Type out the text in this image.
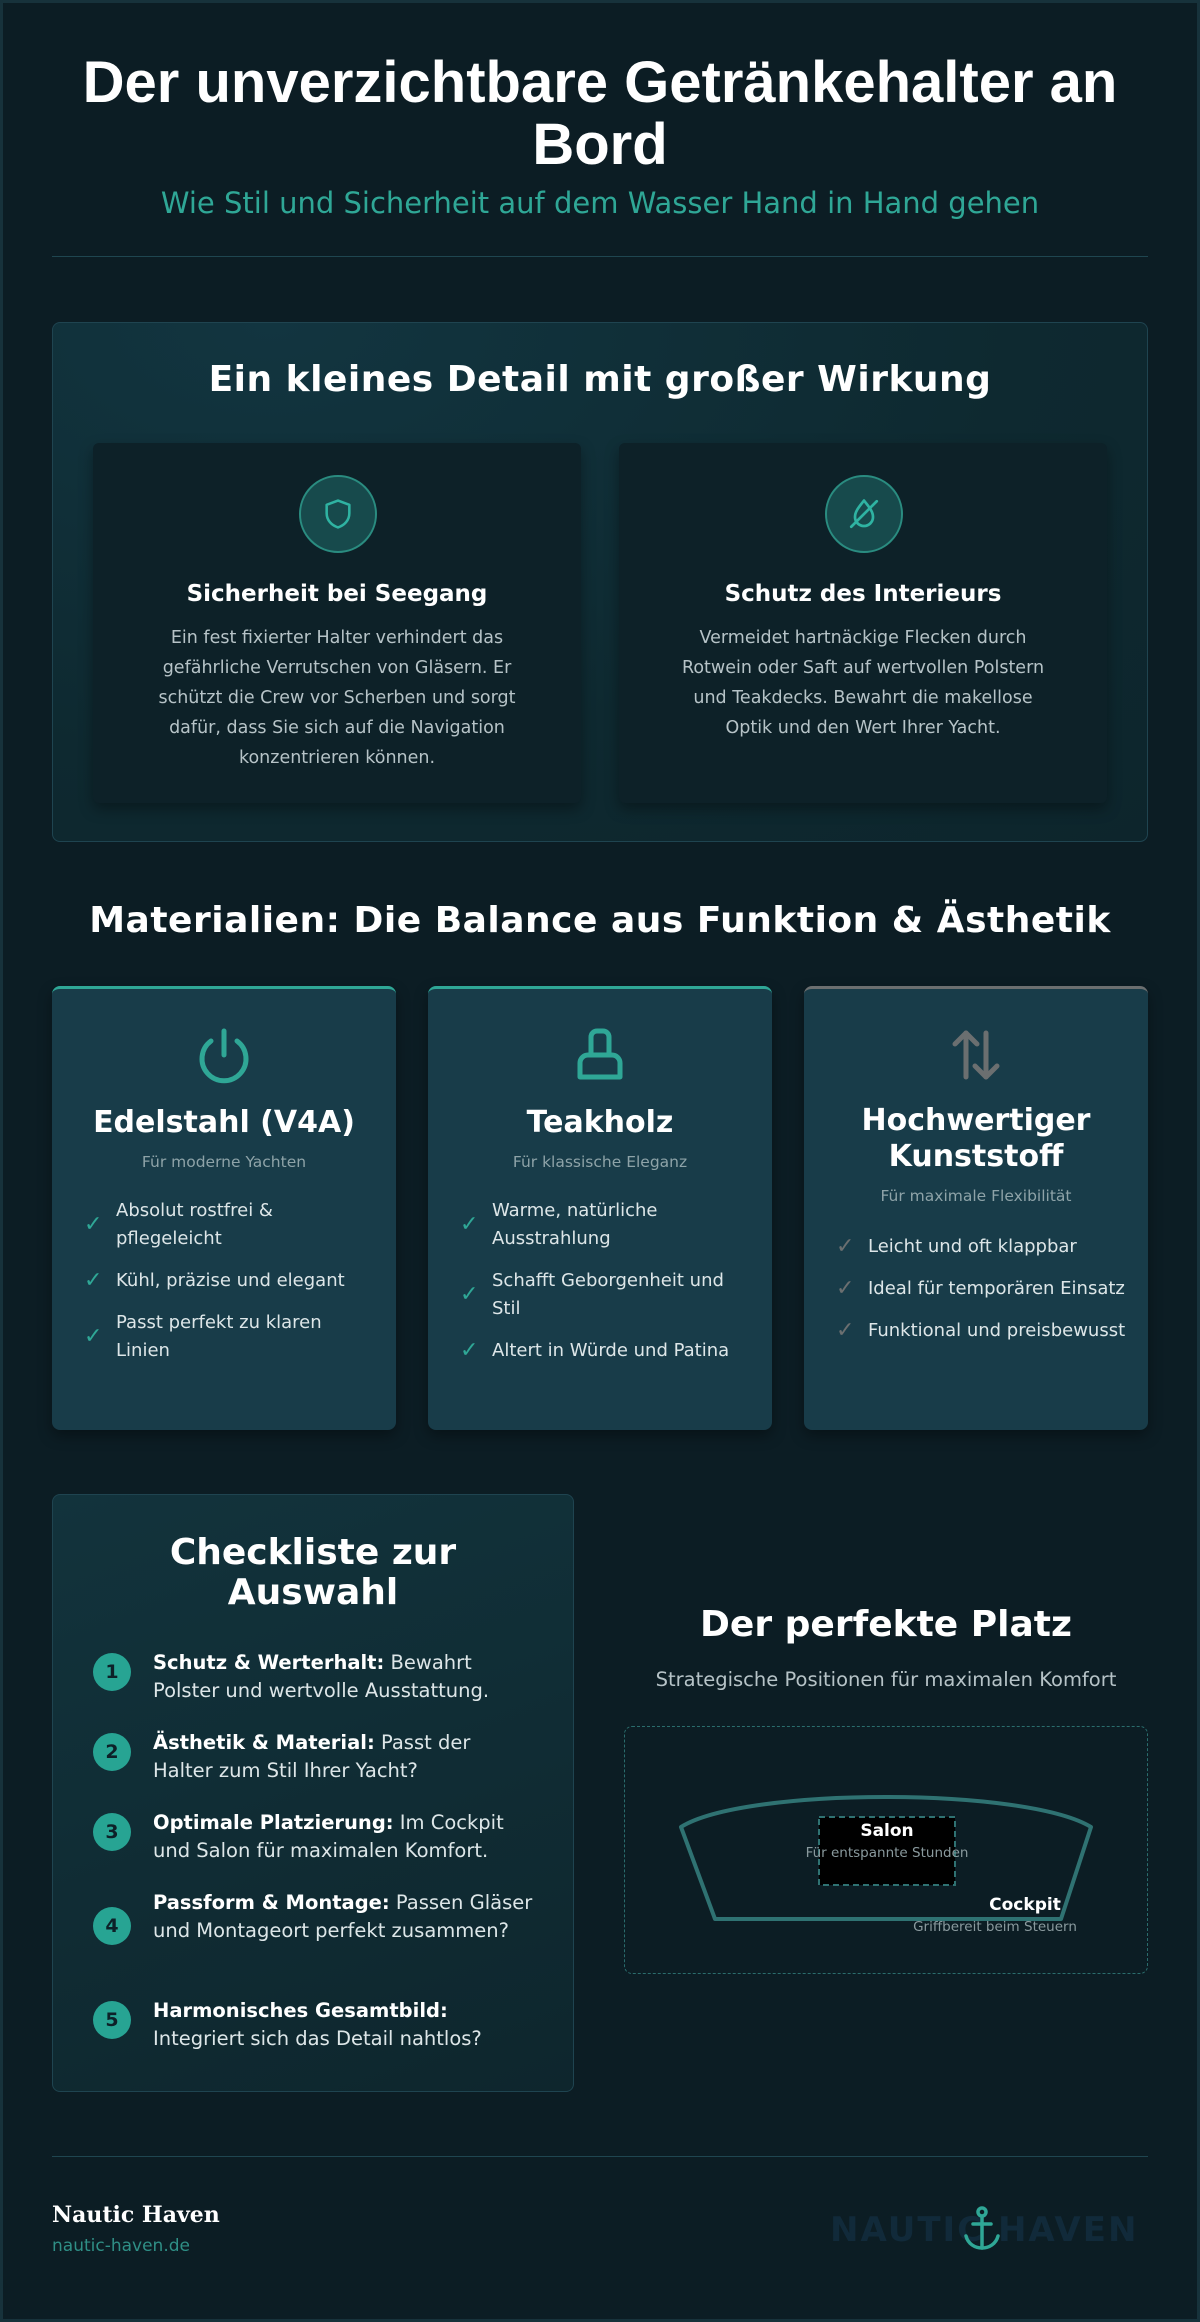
Der unverzichtbare Getränkehalter an Bord

Wie Stil und Sicherheit auf dem Wasser Hand in Hand gehen

Ein kleines Detail mit großer Wirkung
Sicherheit bei Seegang

Ein fest fixierter Halter verhindert das gefährliche Verrutschen von Gläsern. Er schützt die Crew vor Scherben und sorgt dafür, dass Sie sich auf die Navigation konzentrieren können.

Schutz des Interieurs

Vermeidet hartnäckige Flecken durch Rotwein oder Saft auf wertvollen Polstern und Teakdecks. Bewahrt die makellose Optik und den Wert Ihrer Yacht.

Materialien: Die Balance aus Funktion & Ästhetik
Edelstahl (V4A)

Für moderne Yachten

✓
Absolut rostfrei & pflegeleicht
✓ Kühl, präzise und elegant
✓
Passt perfekt zu klaren Linien
Teakholz

Für klassische Eleganz

✓
Warme, natürliche Ausstrahlung
✓
Schafft Geborgenheit und Stil
✓ Altert in Würde und Patina
Hochwertiger Kunststoff

Für maximale Flexibilität

✓ Leicht und oft klappbar
✓ Ideal für temporären Einsatz
✓ Funktional und preisbewusst
Checkliste zur Auswahl
1	Schutz & Werterhalt: Bewahrt Polster und wertvolle Ausstattung.

2	Ästhetik & Material: Passt der Halter zum Stil Ihrer Yacht?

3	Optimale Platzierung: Im Cockpit und Salon für maximalen Komfort.

4

Passform & Montage: Passen Gläser und Montageort perfekt zusammen?

5	Harmonisches Gesamtbild: Integriert sich das Detail nahtlos?

Der perfekte Platz

Strategische Positionen für maximalen Komfort

Salon
Für entspannte Stunden
Cockpit
Griffbereit beim Steuern
Nautic Haven
nautic-haven.de	NAUTIC HAVEN
